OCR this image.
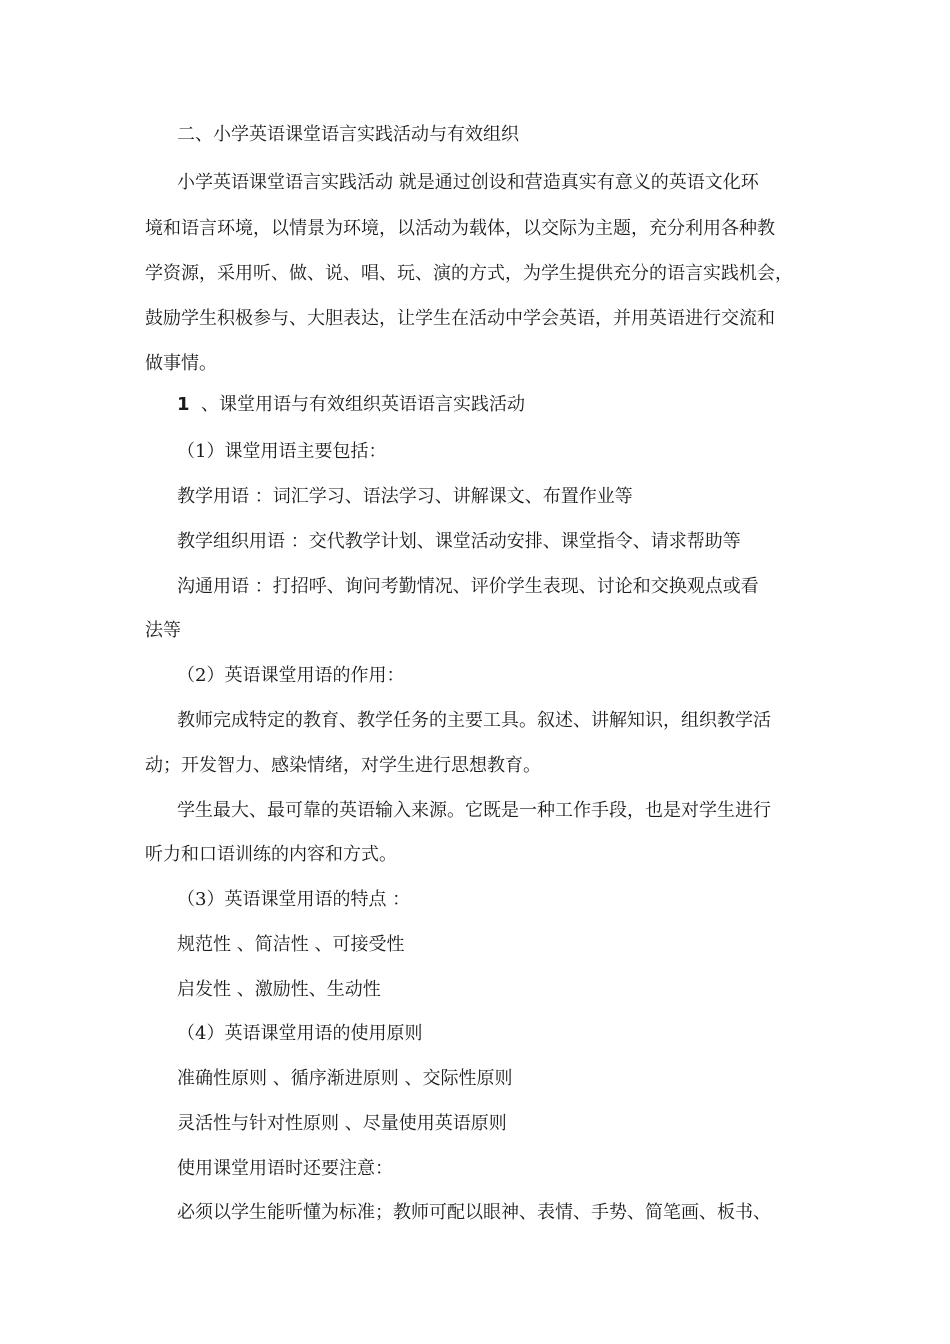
二、小学英语课堂语言实践活动与有效组织
小学英语课堂语言实践活动 就是通过创设和营造真实有意义的英语文化环
境和语言环境，以情景为环境，以活动为载体，以交际为主题，充分利用各种教
学资源，采用听、做、说、唱、玩、演的方式，为学生提供充分的语言实践机会，
鼓励学生积极参与、大胆表达，让学生在活动中学会英语，并用英语进行交流和
做事情。
1 、课堂用语与有效组织英语语言实践活动
（1）课堂用语主要包括：
教学用语 ：词汇学习、语法学习、讲解课文、布置作业等
教学组织用语 ：交代教学计划、课堂活动安排、课堂指令、请求帮助等
沟通用语 ：打招呼、询问考勤情况、评价学生表现、讨论和交换观点或看
法等
（2）英语课堂用语的作用：
教师完成特定的教育、教学任务的主要工具。叙述、讲解知识，组织教学活
动；开发智力、感染情绪，对学生进行思想教育。
学生最大、最可靠的英语输入来源。它既是一种工作手段，也是对学生进行
听力和口语训练的内容和方式。
（3）英语课堂用语的特点 ：
规范性 、简洁性 、可接受性
启发性 、激励性、生动性
（4）英语课堂用语的使用原则
准确性原则 、循序渐进原则 、交际性原则
灵活性与针对性原则 、尽量使用英语原则
使用课堂用语时还要注意：
必须以学生能听懂为标准；教师可配以眼神、表情、手势、简笔画、板书、
